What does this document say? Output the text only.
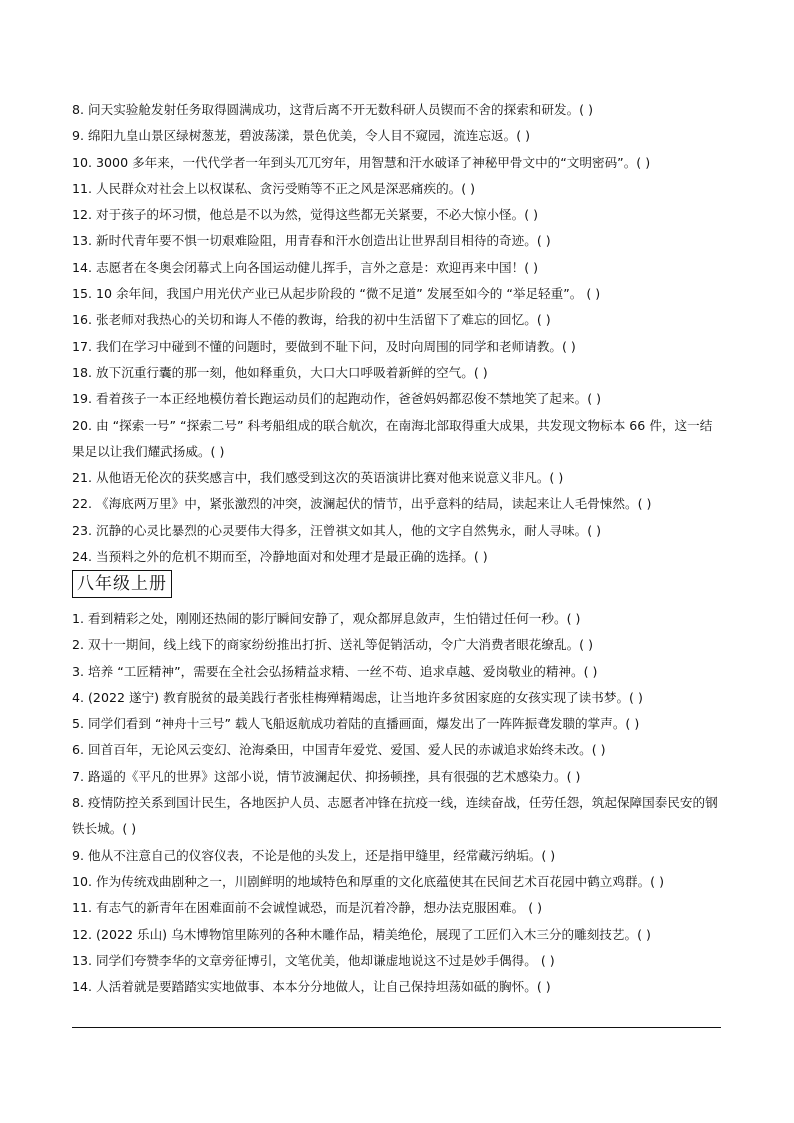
8. 问天实验舱发射任务取得圆满成功，这背后离不开无数科研人员锲而不舍的探索和研发。( )
9. 绵阳九皇山景区绿树葱茏，碧波荡漾，景色优美，令人目不窥园，流连忘返。( )
10. 3000 多年来，一代代学者一年到头兀兀穷年，用智慧和汗水破译了神秘甲骨文中的“文明密码”。( )
11. 人民群众对社会上以权谋私、贪污受贿等不正之风是深恶痛疾的。( )
12. 对于孩子的坏习惯，他总是不以为然，觉得这些都无关紧要，不必大惊小怪。( )
13. 新时代青年要不惧一切艰难险阻，用青春和汗水创造出让世界刮目相待的奇迹。( )
14. 志愿者在冬奥会闭幕式上向各国运动健儿挥手，言外之意是：欢迎再来中国！( )
15. 10 余年间，我国户用光伏产业已从起步阶段的 “微不足道” 发展至如今的 “举足轻重”。 ( )
16. 张老师对我热心的关切和诲人不倦的教诲，给我的初中生活留下了难忘的回忆。( )
17. 我们在学习中碰到不懂的问题时，要做到不耻下问，及时向周围的同学和老师请教。( )
18. 放下沉重行囊的那一刻，他如释重负，大口大口呼吸着新鲜的空气。( )
19. 看着孩子一本正经地模仿着长跑运动员们的起跑动作，爸爸妈妈都忍俊不禁地笑了起来。( )
20. 由 “探索一号” “探索二号” 科考船组成的联合航次，在南海北部取得重大成果，共发现文物标本 66 件，这一结果足以让我们耀武扬威。( )
21. 从他语无伦次的获奖感言中，我们感受到这次的英语演讲比赛对他来说意义非凡。( )
22. 《海底两万里》中，紧张激烈的冲突，波澜起伏的情节，出乎意料的结局，读起来让人毛骨悚然。( )
23. 沉静的心灵比暴烈的心灵要伟大得多，汪曾祺文如其人，他的文字自然隽永，耐人寻味。( )
24. 当预料之外的危机不期而至，冷静地面对和处理才是最正确的选择。( )
八年级上册
1. 看到精彩之处，刚刚还热闹的影厅瞬间安静了，观众都屏息敛声，生怕错过任何一秒。( )
2. 双十一期间，线上线下的商家纷纷推出打折、送礼等促销活动，令广大消费者眼花缭乱。( )
3. 培养 “工匠精神”，需要在全社会弘扬精益求精、一丝不苟、追求卓越、爱岗敬业的精神。( )
4. (2022 遂宁) 教育脱贫的最美践行者张桂梅殚精竭虑，让当地许多贫困家庭的女孩实现了读书梦。( )
5. 同学们看到 “神舟十三号” 载人飞船返航成功着陆的直播画面，爆发出了一阵阵振聋发聩的掌声。( )
6. 回首百年，无论风云变幻、沧海桑田，中国青年爱党、爱国、爱人民的赤诚追求始终未改。( )
7. 路遥的《平凡的世界》这部小说，情节波澜起伏、抑扬顿挫，具有很强的艺术感染力。( )
8. 疫情防控关系到国计民生，各地医护人员、志愿者冲锋在抗疫一线，连续奋战，任劳任怨，筑起保障国泰民安的钢铁长城。( )
9. 他从不注意自己的仪容仪表，不论是他的头发上，还是指甲缝里，经常藏污纳垢。( )
10. 作为传统戏曲剧种之一，川剧鲜明的地域特色和厚重的文化底蕴使其在民间艺术百花园中鹤立鸡群。( )
11. 有志气的新青年在困难面前不会诚惶诚恐，而是沉着冷静，想办法克服困难。 ( )
12. (2022 乐山) 乌木博物馆里陈列的各种木雕作品，精美绝伦，展现了工匠们入木三分的雕刻技艺。( )
13. 同学们夸赞李华的文章旁征博引，文笔优美，他却谦虚地说这不过是妙手偶得。 ( )
14. 人活着就是要踏踏实实地做事、本本分分地做人，让自己保持坦荡如砥的胸怀。( )
